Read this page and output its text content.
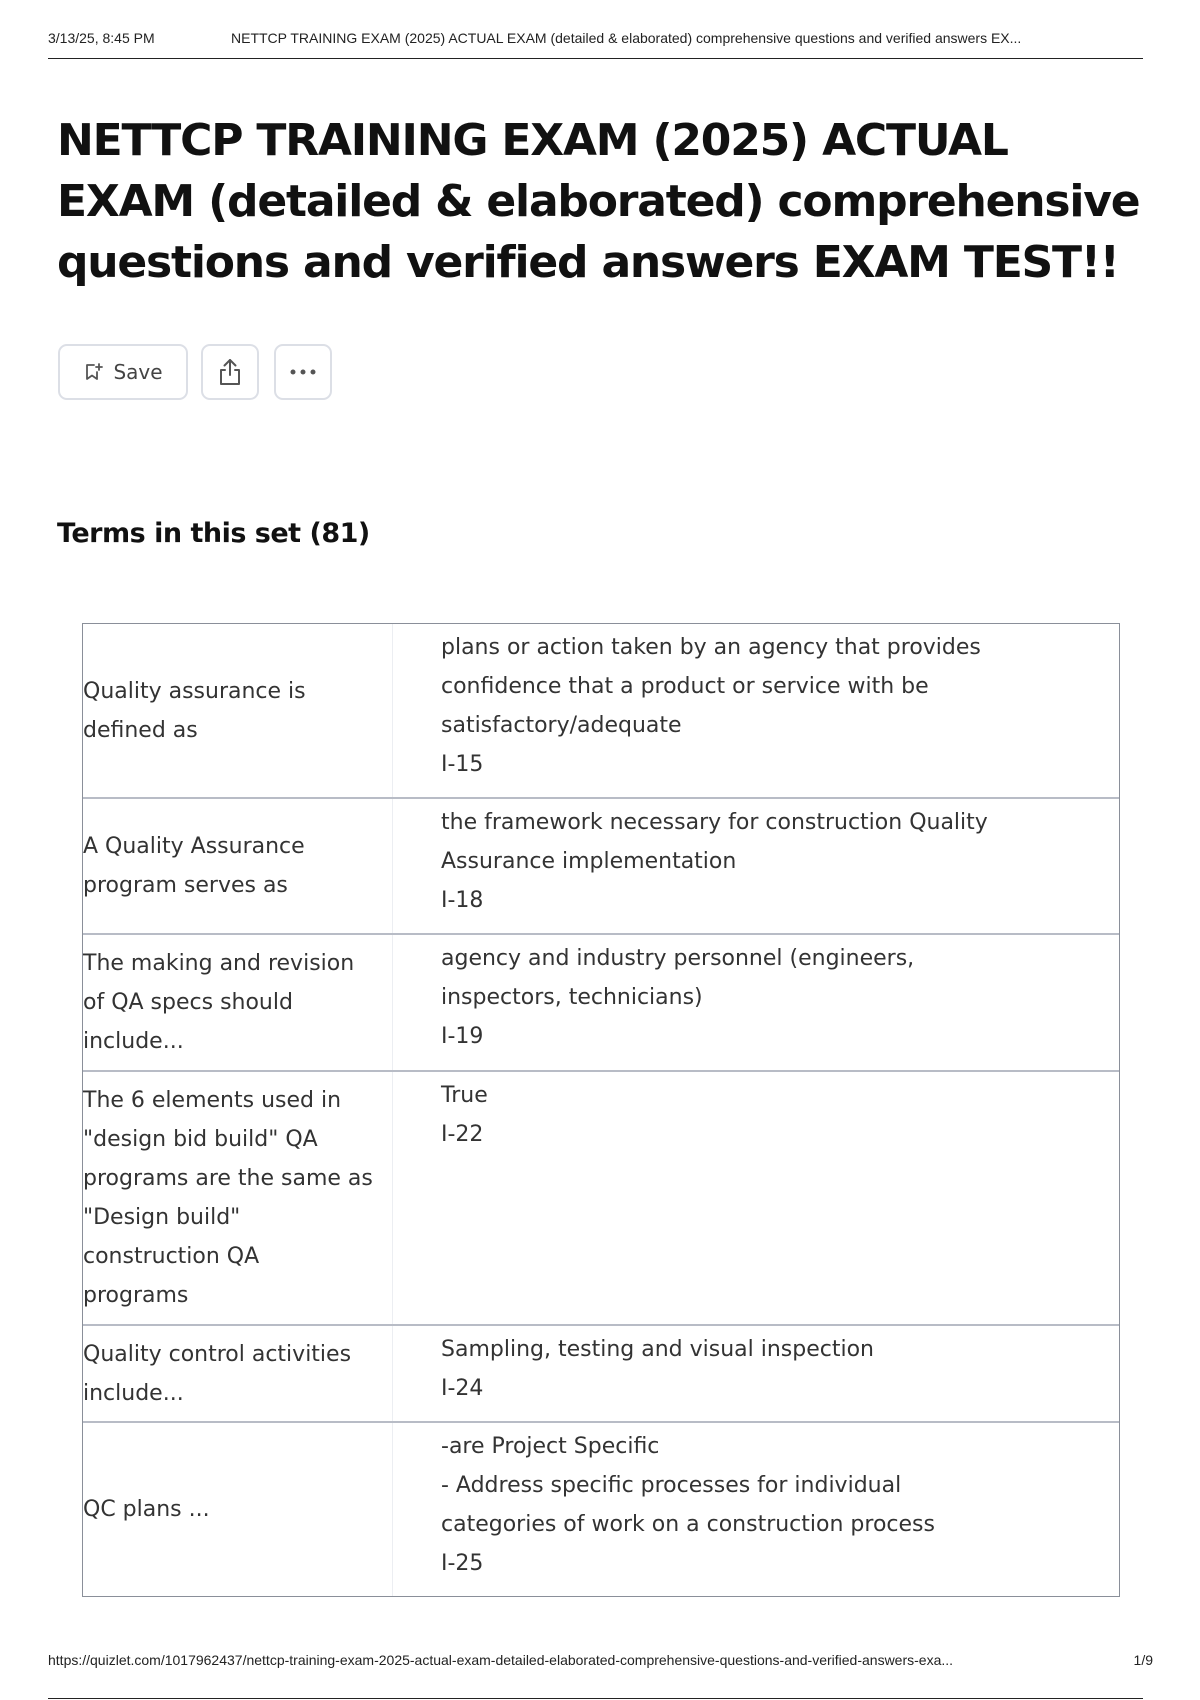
3/13/25, 8:45 PM	NETTCP TRAINING EXAM (2025) ACTUAL EXAM (detailed & elaborated) comprehensive questions and verified answers EX...
NETTCP TRAINING EXAM (2025) ACTUAL EXAM (detailed & elaborated) comprehensive questions and verified answers EXAM TEST!!
Save
Terms in this set (81)
Quality assurance is
defined as
plans or action taken by an agency that provides
confidence that a product or service with be
satisfactory/adequate
I-15
A Quality Assurance
program serves as
the framework necessary for construction Quality
Assurance implementation
I-18
The making and revision
of QA specs should
include...
agency and industry personnel (engineers,
inspectors, technicians)
I-19
The 6 elements used in
"design bid build" QA
programs are the same as
"Design build"
construction QA
programs
True
I-22
Quality control activities
include...
Sampling, testing and visual inspection
I-24
QC plans ...
-are Project Specific
- Address specific processes for individual
categories of work on a construction process
I-25
https://quizlet.com/1017962437/nettcp-training-exam-2025-actual-exam-detailed-elaborated-comprehensive-questions-and-verified-answers-exa...	1/9
